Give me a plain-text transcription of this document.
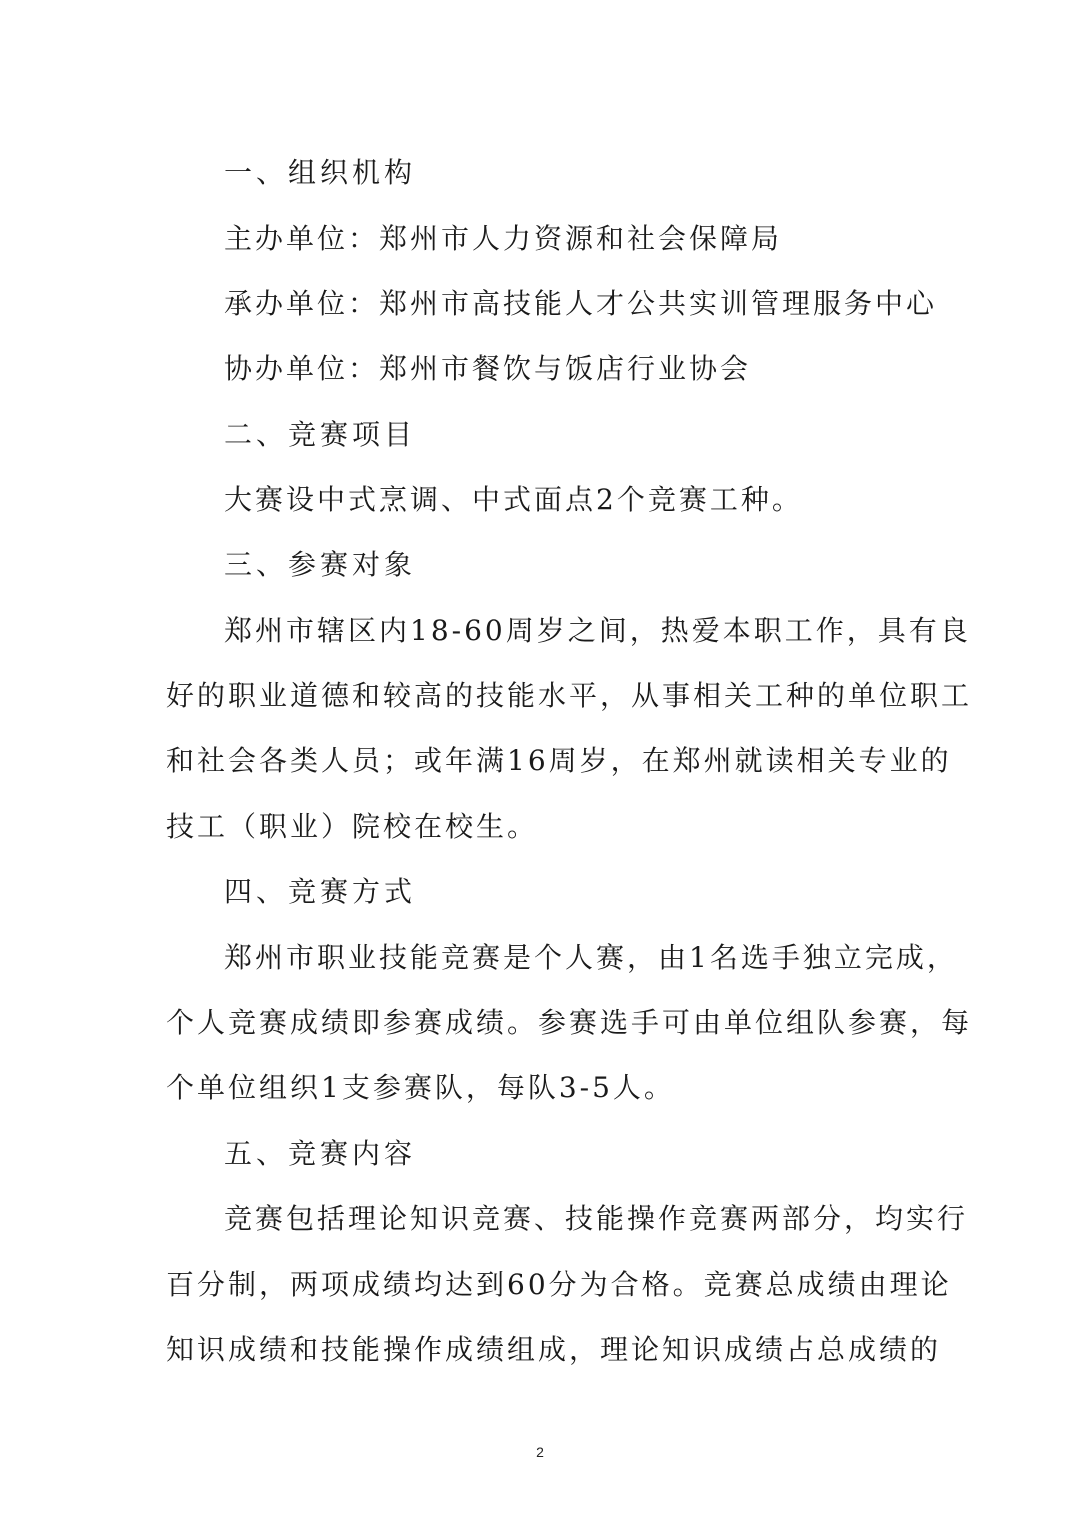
一、组织机构
主办单位：郑州市人力资源和社会保障局
承办单位：郑州市高技能人才公共实训管理服务中心
协办单位：郑州市餐饮与饭店行业协会
二、竞赛项目
大赛设中式烹调、中式面点2个竞赛工种。
三、参赛对象
郑州市辖区内18-60周岁之间，热爱本职工作，具有良
好的职业道德和较高的技能水平，从事相关工种的单位职工
和社会各类人员；或年满16周岁，在郑州就读相关专业的
技工（职业）院校在校生。
四、竞赛方式
郑州市职业技能竞赛是个人赛，由1名选手独立完成，
个人竞赛成绩即参赛成绩。参赛选手可由单位组队参赛，每
个单位组织1支参赛队，每队3-5人。
五、竞赛内容
竞赛包括理论知识竞赛、技能操作竞赛两部分，均实行
百分制，两项成绩均达到60分为合格。竞赛总成绩由理论
知识成绩和技能操作成绩组成，理论知识成绩占总成绩的
2
